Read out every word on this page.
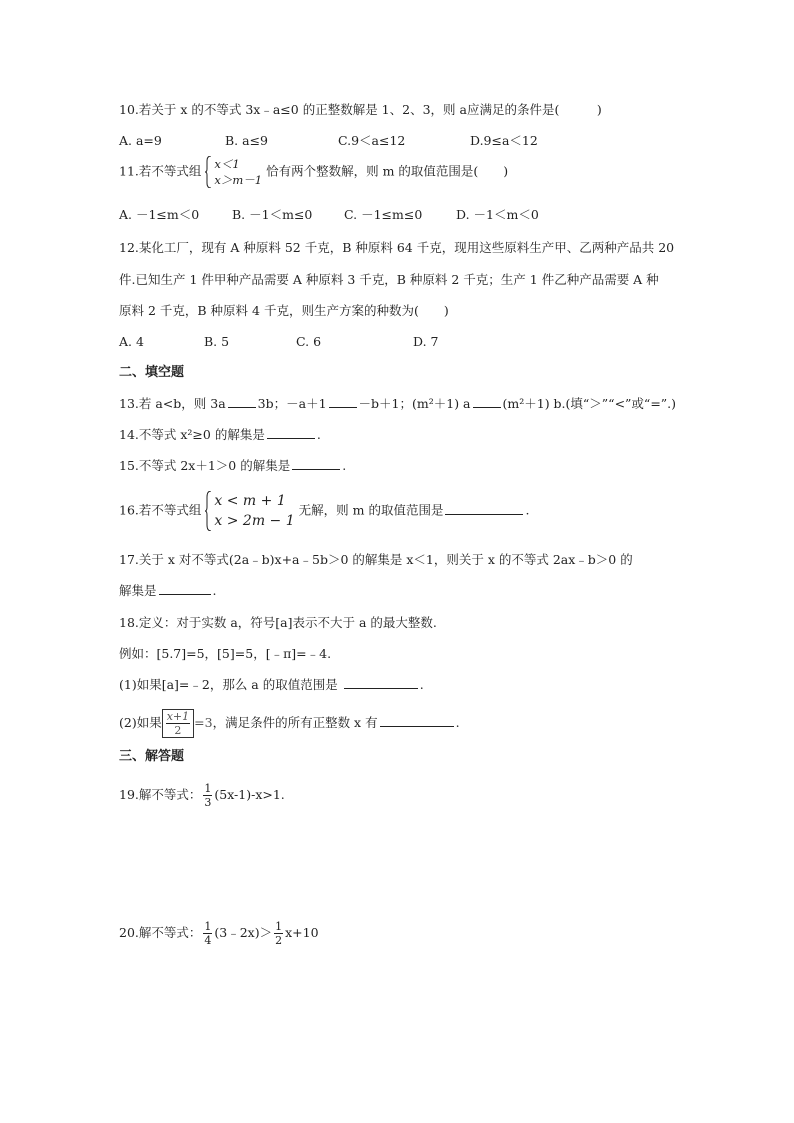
10.若关于 x 的不等式 3x﹣a≤0 的正整数解是 1、2、3，则 a应满足的条件是(　　　)
A. a=9	B. a≤9	C.9＜a≤12	D.9≤a＜12
11.若不等式组 x＜1
x＞m－1
恰有两个整数解，则 m 的取值范围是(　　)
A. －1≤m＜0	B. －1＜m≤0	C. －1≤m≤0	D. －1＜m＜0
12.某化工厂，现有 A 种原料 52 千克，B 种原料 64 千克，现用这些原料生产甲、乙两种产品共 20
件.已知生产 1 件甲种产品需要 A 种原料 3 千克，B 种原料 2 千克；生产 1 件乙种产品需要 A 种
原料 2 千克，B 种原料 4 千克，则生产方案的种数为(　　)
A. 4	B. 5	C. 6	D. 7
二、填空题
13.若 a<b，则 3a	3b；－a＋1	－b＋1；(m²＋1) a	(m²＋1) b.(填“＞”“<”或“=”.)
14.不等式 x²≥0 的解集是	.
15.不等式 2x＋1＞0 的解集是	.
16.若不等式组
x < m + 1
x > 2m − 1
无解，则 m 的取值范围是	.
17.关于 x 对不等式(2a﹣b)x+a﹣5b＞0 的解集是 x＜1，则关于 x 的不等式 2ax﹣b＞0 的
解集是	.
18.定义：对于实数 a，符号[a]表示不大于 a 的最大整数.
例如：[5.7]=5，[5]=5，[﹣π]=﹣4.
(1)如果[a]=﹣2，那么 a 的取值范围是	.
(2)如果 $\frac{x+1}{2} =3$，满足条件的所有正整数 x 有	.
三、解答题
19.解不等式： $\frac{1}{3} (5x-1)-x>1$.
20.解不等式： $\frac{1}{4}$ (3﹣2x)＞ $\frac{1}{2} x+10$
